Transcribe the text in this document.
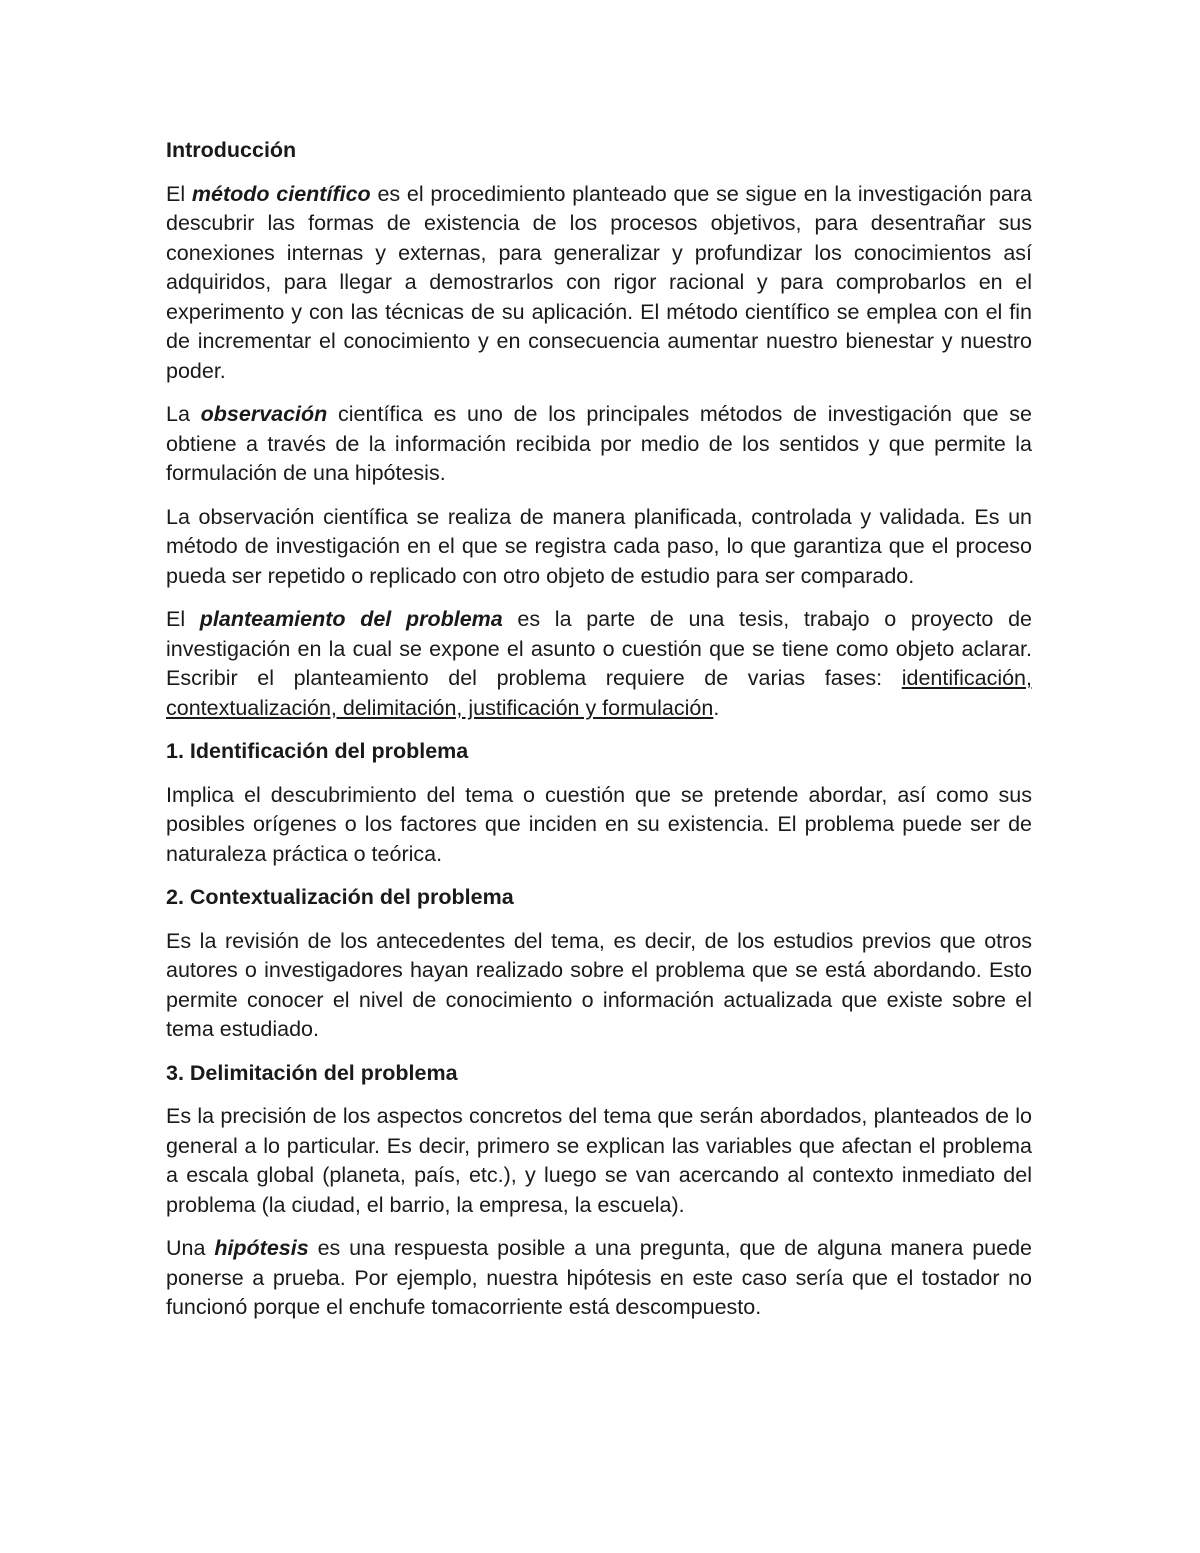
Introducción

El método científico es el procedimiento planteado que se sigue en la investigación para descubrir las formas de existencia de los procesos objetivos, para desentrañar sus conexiones internas y externas, para generalizar y profundizar los conocimientos así adquiridos, para llegar a demostrarlos con rigor racional y para comprobarlos en el experimento y con las técnicas de su aplicación. El método científico se emplea con el fin de incrementar el conocimiento y en consecuencia aumentar nuestro bienestar y nuestro poder.

La observación científica es uno de los principales métodos de investigación que se obtiene a través de la información recibida por medio de los sentidos y que permite la formulación de una hipótesis.

La observación científica se realiza de manera planificada, controlada y validada. Es un método de investigación en el que se registra cada paso, lo que garantiza que el proceso pueda ser repetido o replicado con otro objeto de estudio para ser comparado.

El planteamiento del problema es la parte de una tesis, trabajo o proyecto de investigación en la cual se expone el asunto o cuestión que se tiene como objeto aclarar. Escribir el planteamiento del problema requiere de varias fases: identificación, contextualización, delimitación, justificación y formulación.

1. Identificación del problema

Implica el descubrimiento del tema o cuestión que se pretende abordar, así como sus posibles orígenes o los factores que inciden en su existencia. El problema puede ser de naturaleza práctica o teórica.

2. Contextualización del problema

Es la revisión de los antecedentes del tema, es decir, de los estudios previos que otros autores o investigadores hayan realizado sobre el problema que se está abordando. Esto permite conocer el nivel de conocimiento o información actualizada que existe sobre el tema estudiado.

3. Delimitación del problema

Es la precisión de los aspectos concretos del tema que serán abordados, planteados de lo general a lo particular. Es decir, primero se explican las variables que afectan el problema a escala global (planeta, país, etc.), y luego se van acercando al contexto inmediato del problema (la ciudad, el barrio, la empresa, la escuela).

Una hipótesis es una respuesta posible a una pregunta, que de alguna manera puede ponerse a prueba. Por ejemplo, nuestra hipótesis en este caso sería que el tostador no funcionó porque el enchufe tomacorriente está descompuesto.
